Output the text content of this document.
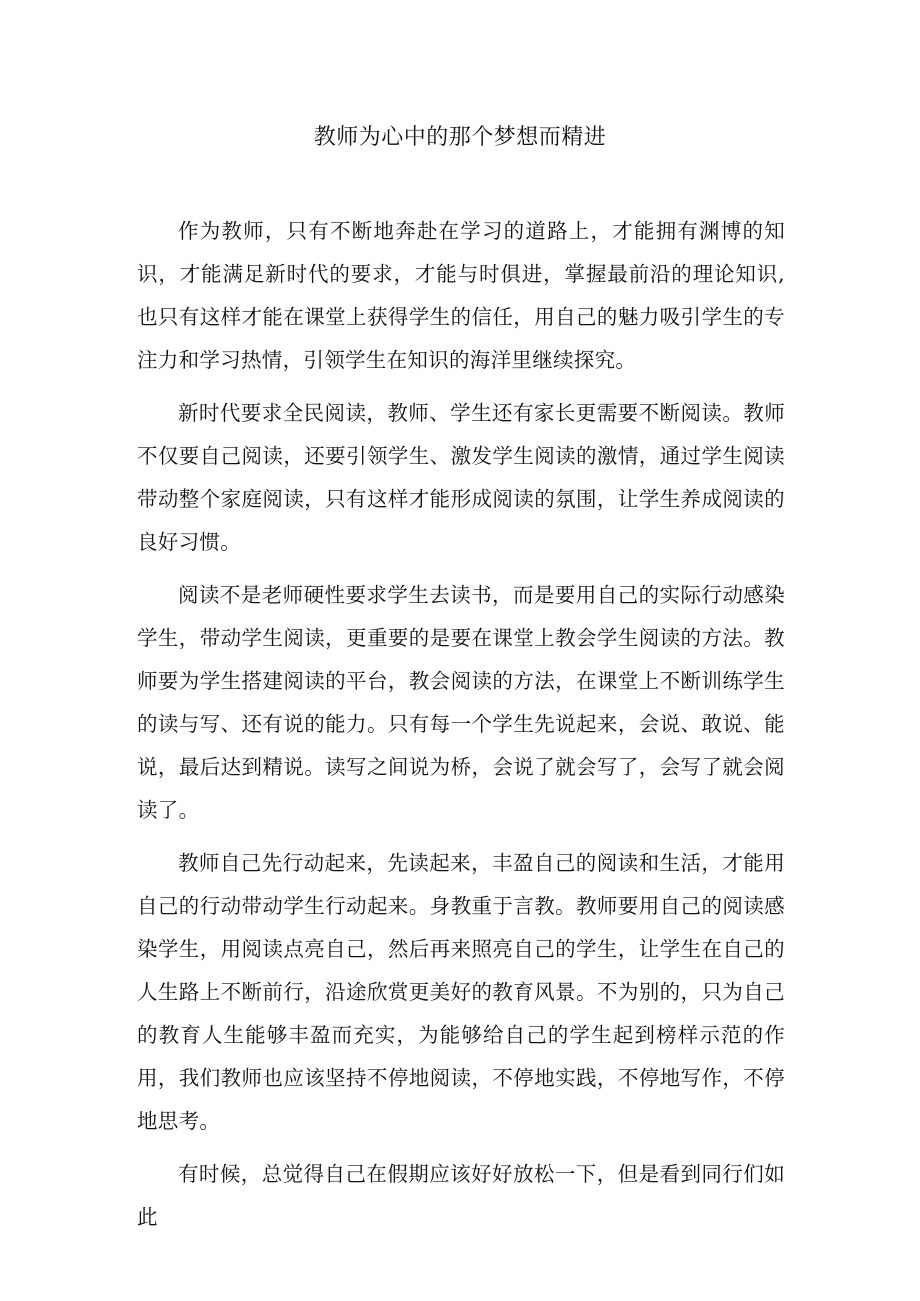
教师为心中的那个梦想而精进

作为教师，只有不断地奔赴在学习的道路上，才能拥有渊博的知识，才能满足新时代的要求，才能与时俱进，掌握最前沿的理论知识,也只有这样才能在课堂上获得学生的信任，用自己的魅力吸引学生的专注力和学习热情，引领学生在知识的海洋里继续探究。

新时代要求全民阅读，教师、学生还有家长更需要不断阅读。教师不仅要自己阅读，还要引领学生、激发学生阅读的激情，通过学生阅读带动整个家庭阅读，只有这样才能形成阅读的氛围，让学生养成阅读的良好习惯。

阅读不是老师硬性要求学生去读书，而是要用自己的实际行动感染学生，带动学生阅读，更重要的是要在课堂上教会学生阅读的方法。教师要为学生搭建阅读的平台，教会阅读的方法，在课堂上不断训练学生的读与写、还有说的能力。只有每一个学生先说起来，会说、敢说、能说，最后达到精说。读写之间说为桥，会说了就会写了，会写了就会阅读了。

教师自己先行动起来，先读起来，丰盈自己的阅读和生活，才能用自己的行动带动学生行动起来。身教重于言教。教师要用自己的阅读感染学生，用阅读点亮自己，然后再来照亮自己的学生，让学生在自己的人生路上不断前行，沿途欣赏更美好的教育风景。不为别的，只为自己的教育人生能够丰盈而充实，为能够给自己的学生起到榜样示范的作用，我们教师也应该坚持不停地阅读，不停地实践，不停地写作，不停地思考。

有时候，总觉得自己在假期应该好好放松一下，但是看到同行们如此
